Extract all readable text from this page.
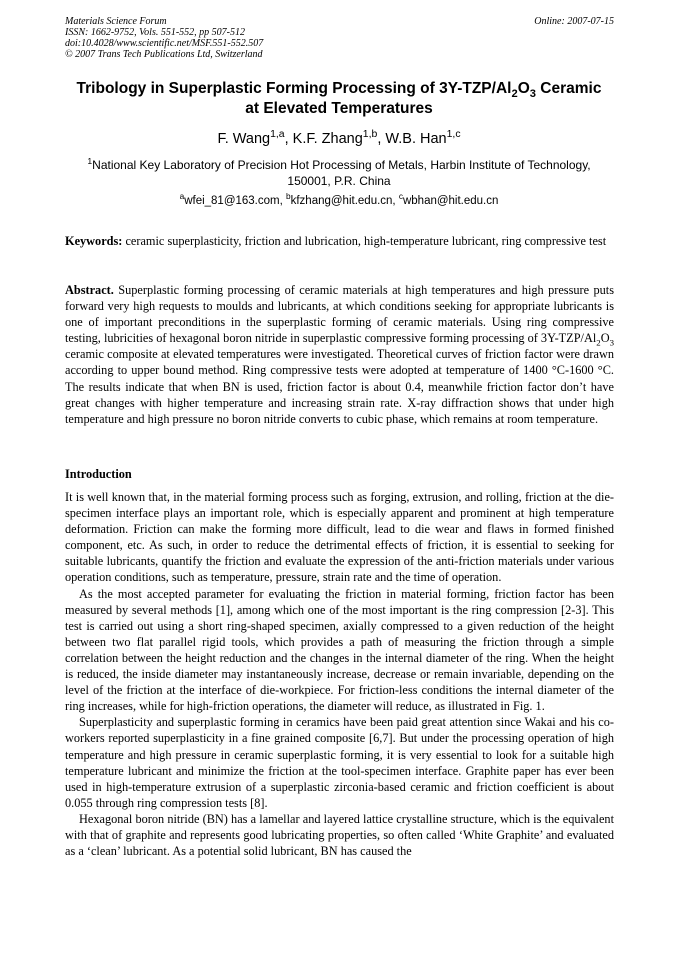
Materials Science Forum
ISSN: 1662-9752, Vols. 551-552, pp 507-512
doi:10.4028/www.scientific.net/MSF.551-552.507
© 2007 Trans Tech Publications Ltd, Switzerland
Online: 2007-07-15
Tribology in Superplastic Forming Processing of $3Y-TZP/Al_2O_3$ Ceramic
at Elevated Temperatures
F. Wang$^{1,a}$, K.F. Zhang$^{1,b}$, W.B. Han$^{1,c}$
$^1$National Key Laboratory of Precision Hot Processing of Metals, Harbin Institute of Technology,
150001, P.R. China
$^a$wfei_81@163.com, $^b$kfzhang@hit.edu.cn, $^c$wbhan@hit.edu.cn
Keywords: ceramic superplasticity, friction and lubrication, high-temperature lubricant, ring compressive test
Abstract. Superplastic forming processing of ceramic materials at high temperatures and high pressure puts forward very high requests to moulds and lubricants, at which conditions seeking for appropriate lubricants is one of important preconditions in the superplastic forming of ceramic materials. Using ring compressive testing, lubricities of hexagonal boron nitride in superplastic compressive forming processing of $3Y-TZP/Al_2O_3$ ceramic composite at elevated temperatures were investigated. Theoretical curves of friction factor were drawn according to upper bound method. Ring compressive tests were adopted at temperature of 1400 °C-1600 °C. The results indicate that when BN is used, friction factor is about 0.4, meanwhile friction factor don’t have great changes with higher temperature and increasing strain rate. X-ray diffraction shows that under high temperature and high pressure no boron nitride converts to cubic phase, which remains at room temperature.
Introduction

It is well known that, in the material forming process such as forging, extrusion, and rolling, friction at the die-specimen interface plays an important role, which is especially apparent and prominent at high temperature deformation. Friction can make the forming more difficult, lead to die wear and flaws in formed finished component, etc. As such, in order to reduce the detrimental effects of friction, it is essential to seeking for suitable lubricants, quantify the friction and evaluate the expression of the anti-friction materials under various operation conditions, such as temperature, pressure, strain rate and the time of operation.

As the most accepted parameter for evaluating the friction in material forming, friction factor has been measured by several methods [1], among which one of the most important is the ring compression [2-3]. This test is carried out using a short ring-shaped specimen, axially compressed to a given reduction of the height between two flat parallel rigid tools, which provides a path of measuring the friction through a simple correlation between the height reduction and the changes in the internal diameter of the ring. When the height is reduced, the inside diameter may instantaneously increase, decrease or remain invariable, depending on the level of the friction at the interface of die-workpiece. For friction-less conditions the internal diameter of the ring increases, while for high-friction operations, the diameter will reduce, as illustrated in Fig. 1.

Superplasticity and superplastic forming in ceramics have been paid great attention since Wakai and his co-workers reported superplasticity in a fine grained composite [6,7]. But under the processing operation of high temperature and high pressure in ceramic superplastic forming, it is very essential to look for a suitable high temperature lubricant and minimize the friction at the tool-specimen interface. Graphite paper has ever been used in high-temperature extrusion of a superplastic zirconia-based ceramic and friction coefficient is about 0.055 through ring compression tests [8].

Hexagonal boron nitride (BN) has a lamellar and layered lattice crystalline structure, which is the equivalent with that of graphite and represents good lubricating properties, so often called ‘White Graphite’ and evaluated as a ‘clean’ lubricant. As a potential solid lubricant, BN has caused the
